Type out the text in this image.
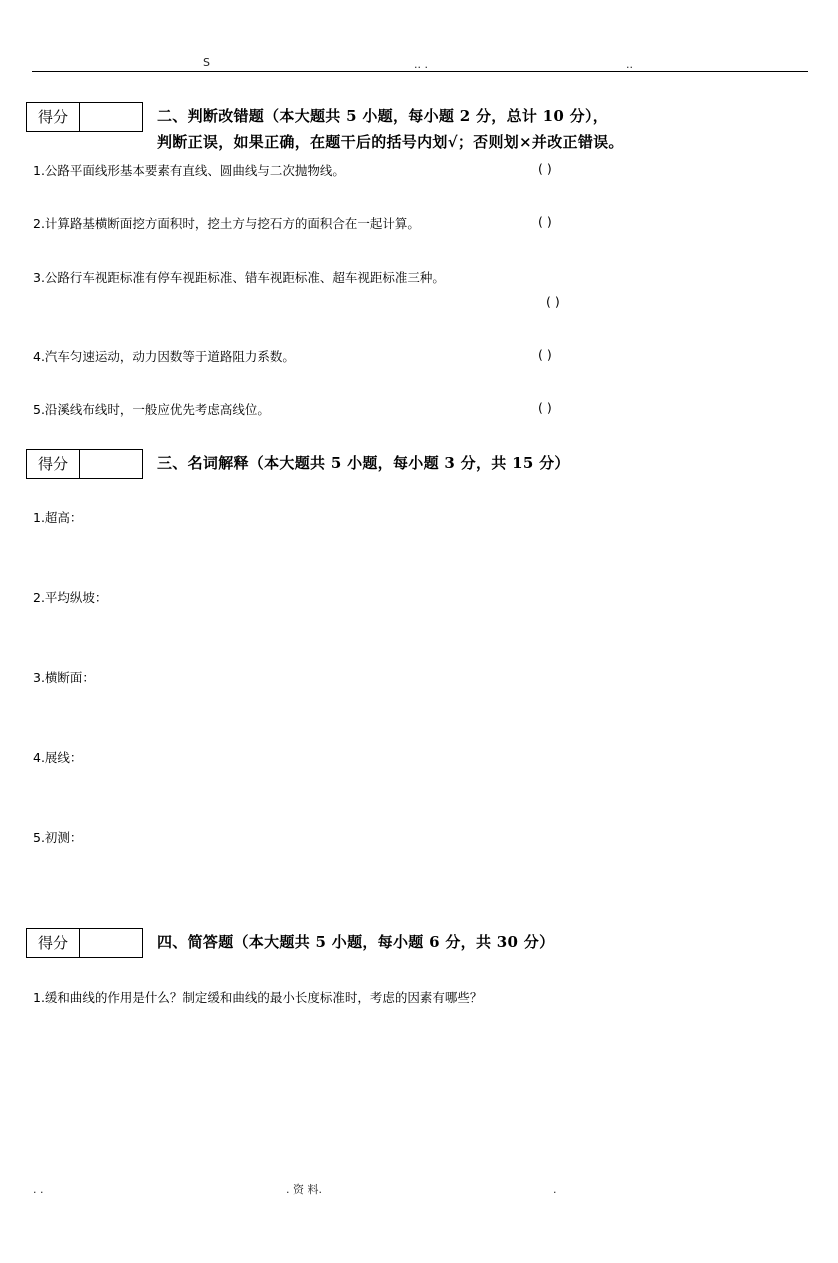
S	.. .	..
得分	二、判断改错题（本大题共 5 小题，每小题 2 分，总计 10 分），
判断正误，如果正确，在题干后的括号内划√；否则划×并改正错误。
1.公路平面线形基本要素有直线、圆曲线与二次抛物线。	( )
2.计算路基横断面挖方面积时，挖土方与挖石方的面积合在一起计算。	( )
3.公路行车视距标准有停车视距标准、错车视距标准、超车视距标准三种。
( )
4.汽车匀速运动，动力因数等于道路阻力系数。	( )
5.沿溪线布线时，一般应优先考虑高线位。	( )
得分	三、名词解释（本大题共 5 小题，每小题 3 分，共 15 分）
1.超高：
2.平均纵坡：
3.横断面：
4.展线：
5.初测：
得分	四、简答题（本大题共 5 小题，每小题 6 分，共 30 分）
1.缓和曲线的作用是什么？制定缓和曲线的最小长度标准时，考虑的因素有哪些？
. .	. 资 料.	.
